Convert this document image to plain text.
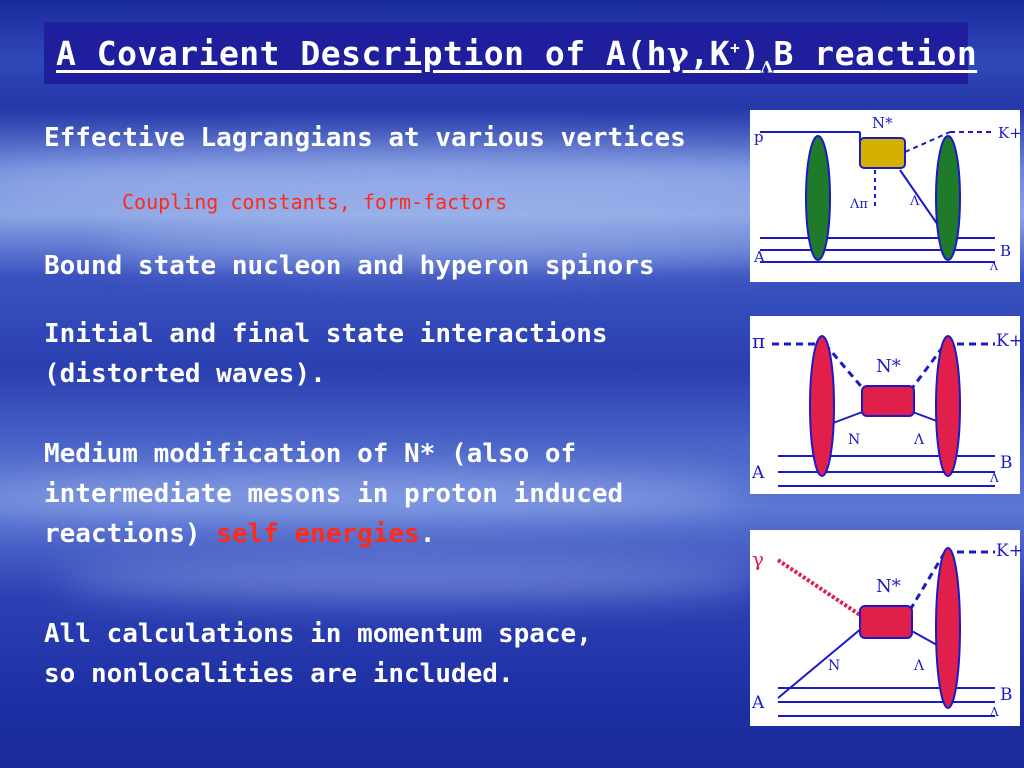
A Covarient Description of $A(h\gamma,K^+)_\Lambda B$ reaction
Effective Lagrangians at various vertices
Coupling constants, form-factors
Bound state nucleon and hyperon spinors
Initial and final state interactions
(distorted waves).
Medium modification of N* (also of
intermediate mesons in proton induced
reactions) self energies.
All calculations in momentum space,
so nonlocalities are included.
p
N*
K+
Λπ	Λ
A
Λ
B
π
N*
K+
N	Λ
A	Λ
B
γ
N*
K+
N	Λ
A	Λ
B
